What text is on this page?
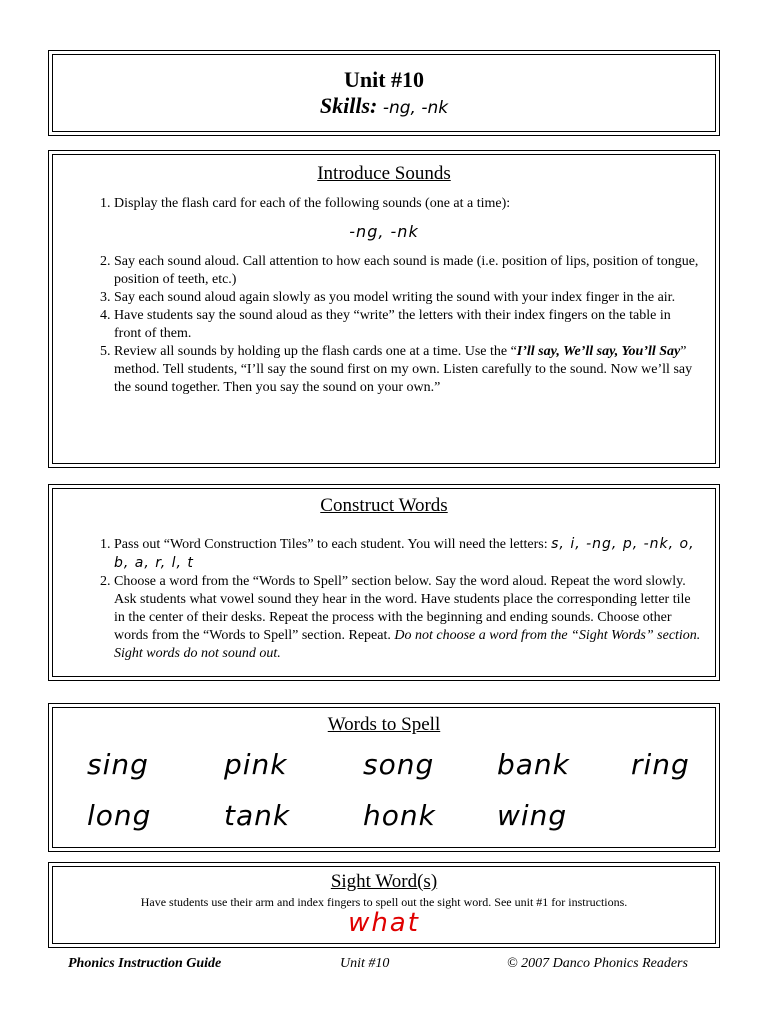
Unit #10
Skills: -ng, -nk
Introduce Sounds
1. Display the flash card for each of the following sounds (one at a time):
-ng, -nk
2. Say each sound aloud. Call attention to how each sound is made (i.e. position of lips, position of tongue, position of teeth, etc.)
3. Say each sound aloud again slowly as you model writing the sound with your index finger in the air.
4. Have students say the sound aloud as they “write” the letters with their index fingers on the table in front of them.
5. Review all sounds by holding up the flash cards one at a time. Use the “I’ll say, We’ll say, You’ll Say” method. Tell students, “I’ll say the sound first on my own. Listen carefully to the sound. Now we’ll say the sound together. Then you say the sound on your own.”
Construct Words
1. Pass out “Word Construction Tiles” to each student. You will need the letters: s, i, -ng, p, -nk, o, b, a, r, l, t
2. Choose a word from the “Words to Spell” section below. Say the word aloud. Repeat the word slowly. Ask students what vowel sound they hear in the word. Have students place the corresponding letter tile in the center of their desks. Repeat the process with the beginning and ending sounds. Choose other words from the “Words to Spell” section. Repeat. Do not choose a word from the “Sight Words” section. Sight words do not sound out.
Words to Spell
sing	pink	song bank ring
long	tank	honk wing
Sight Word(s)
Have students use their arm and index fingers to spell out the sight word. See unit #1 for instructions.
what
Phonics Instruction Guide	Unit #10	© 2007 Danco Phonics Readers
